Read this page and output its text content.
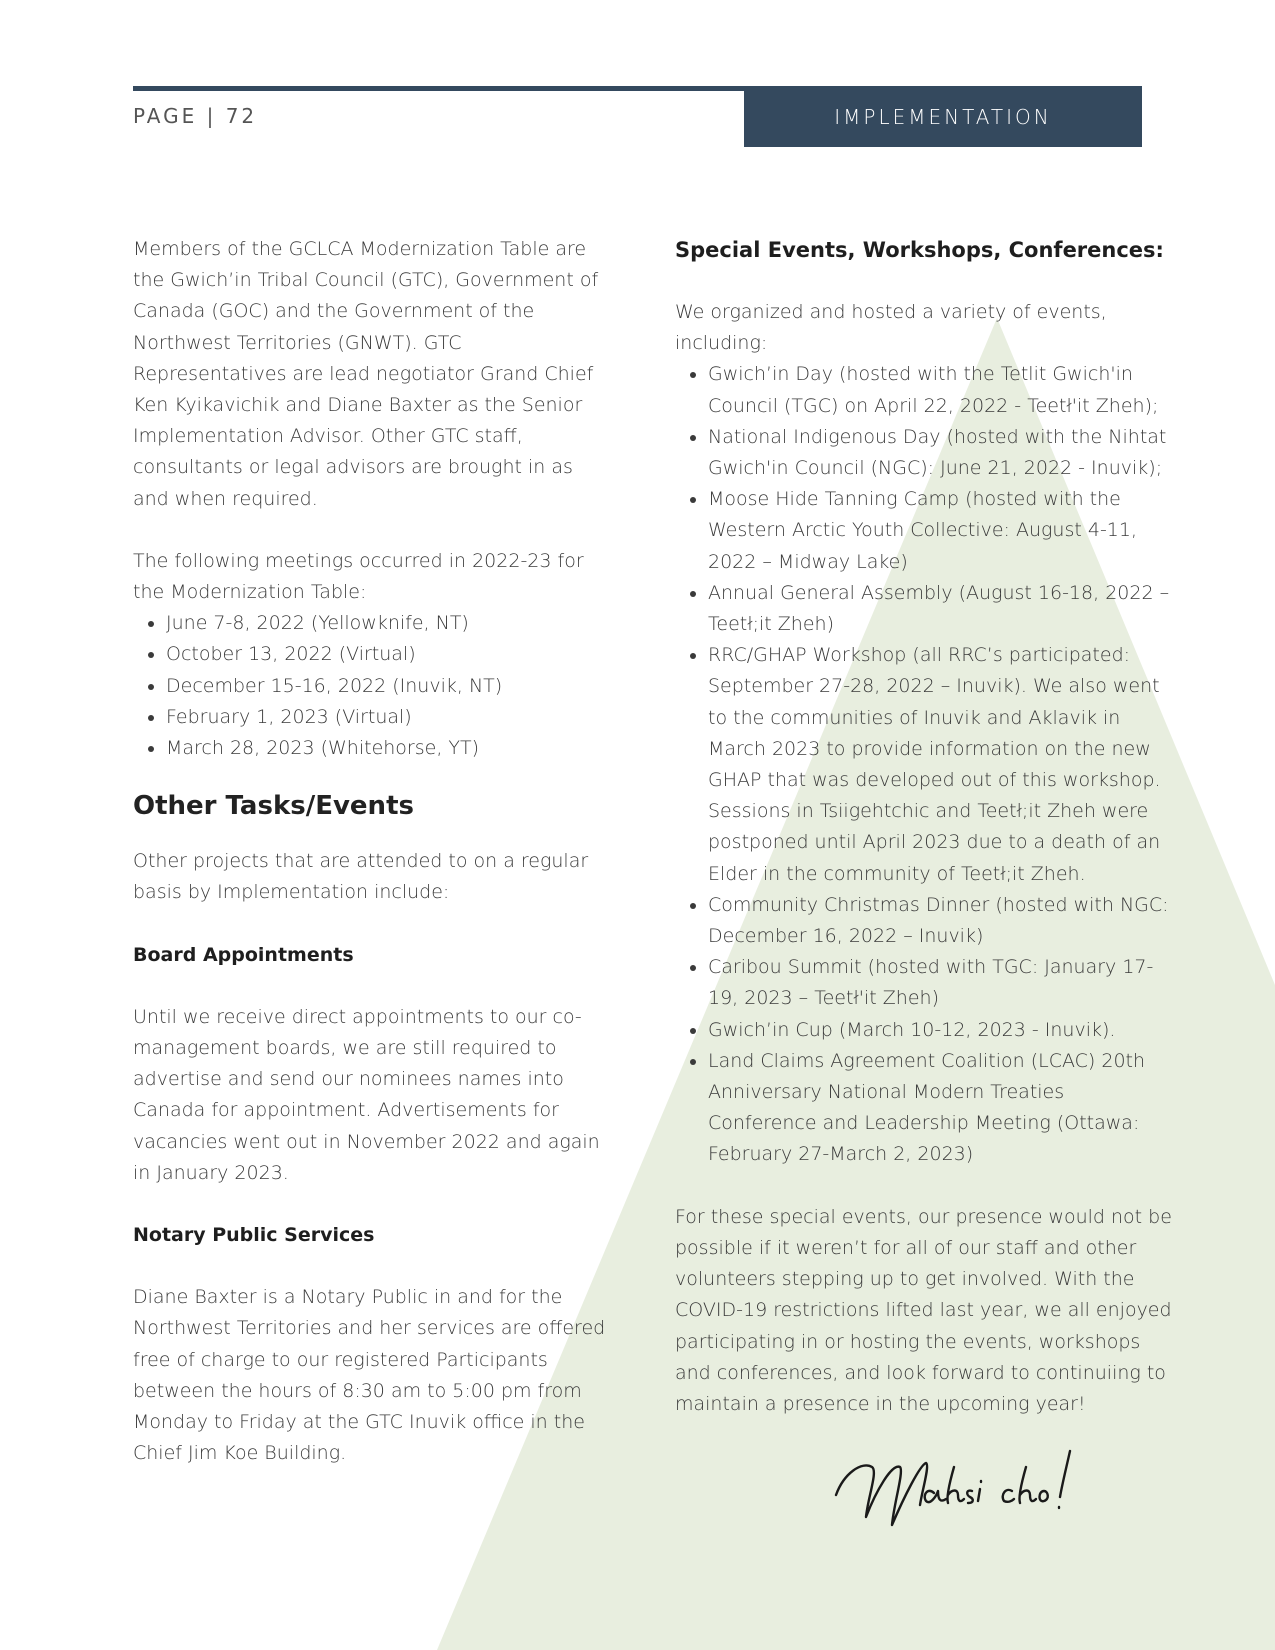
PAGE | 72	IMPLEMENTATION

Members of the GCLCA Modernization Table are the Gwich’in Tribal Council (GTC), Government of Canada (GOC) and the Government of the Northwest Territories (GNWT). GTC Representatives are lead negotiator Grand Chief Ken Kyikavichik and Diane Baxter as the Senior Implementation Advisor. Other GTC staff, consultants or legal advisors are brought in as and when required.

The following meetings occurred in 2022-23 for the Modernization Table:

• June 7-8, 2022 (Yellowknife, NT)
• October 13, 2022 (Virtual)
• December 15-16, 2022 (Inuvik, NT)
• February 1, 2023 (Virtual)
• March 28, 2023 (Whitehorse, YT)
Other Tasks/Events

Other projects that are attended to on a regular basis by Implementation include:

Board Appointments

Until we receive direct appointments to our co-management boards, we are still required to advertise and send our nominees names into Canada for appointment. Advertisements for vacancies went out in November 2022 and again in January 2023.

Notary Public Services

Diane Baxter is a Notary Public in and for the Northwest Territories and her services are offered free of charge to our registered Participants between the hours of 8:30 am to 5:00 pm from Monday to Friday at the GTC Inuvik office in the Chief Jim Koe Building.

Special Events, Workshops, Conferences:

We organized and hosted a variety of events, including:

• Gwich’in Day (hosted with the Tetlit Gwich'in Council (TGC) on April 22, 2022 - Teetł'it Zheh);
• National Indigenous Day (hosted with the Nihtat Gwich'in Council (NGC): June 21, 2022 - Inuvik);
• Moose Hide Tanning Camp (hosted with the Western Arctic Youth Collective: August 4-11, 2022 – Midway Lake)
• Annual General Assembly (August 16-18, 2022 – Teetł;it Zheh)
• RRC/GHAP Workshop (all RRC’s participated: September 27-28, 2022 – Inuvik). We also went to the communities of Inuvik and Aklavik in March 2023 to provide information on the new GHAP that was developed out of this workshop. Sessions in Tsiigehtchic and Teetł;it Zheh were postponed until April 2023 due to a death of an Elder in the community of Teetł;it Zheh.
• Community Christmas Dinner (hosted with NGC: December 16, 2022 – Inuvik)
• Caribou Summit (hosted with TGC: January 17-19, 2023 – Teetł'it Zheh)
• Gwich’in Cup (March 10-12, 2023 - Inuvik).
• Land Claims Agreement Coalition (LCAC) 20th Anniversary National Modern Treaties Conference and Leadership Meeting (Ottawa: February 27-March 2, 2023)

For these special events, our presence would not be possible if it weren’t for all of our staff and other volunteers stepping up to get involved. With the COVID-19 restrictions lifted last year, we all enjoyed participating in or hosting the events, workshops and conferences, and look forward to continuiing to maintain a presence in the upcoming year!
